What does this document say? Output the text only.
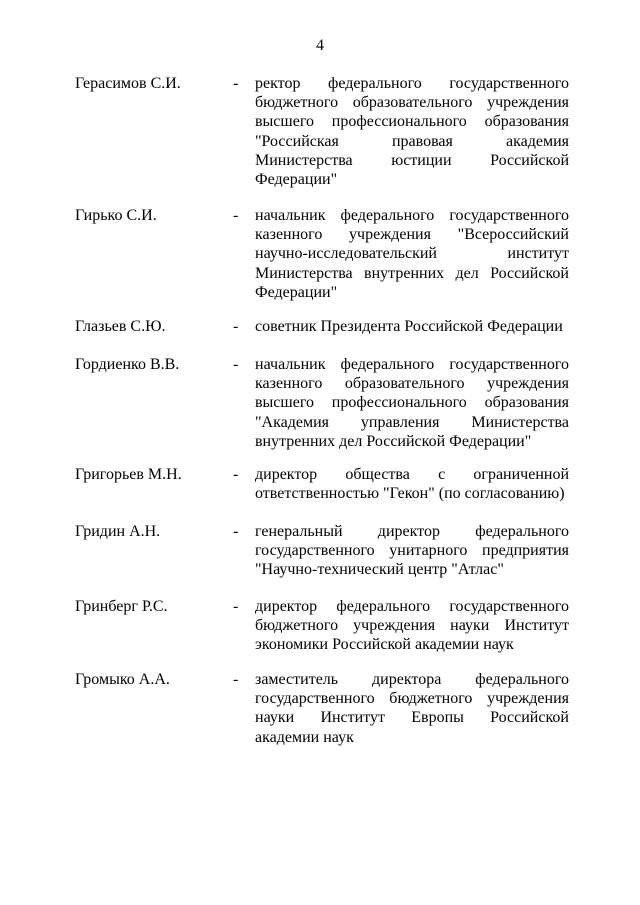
4
Герасимов С.И.	- ректор федерального государственного
бюджетного образовательного учреждения
высшего профессионального образования
"Российская правовая академия
Министерства юстиции Российской
Федерации"
Гирько С.И.	- начальник федерального государственного
казенного учреждения "Всероссийский
научно-исследовательский институт
Министерства внутренних дел Российской
Федерации"
Глазьев С.Ю.	- советник Президента Российской Федерации
Гордиенко В.В.	- начальник федерального государственного
казенного образовательного учреждения
высшего профессионального образования
"Академия управления Министерства
внутренних дел Российской Федерации"
Григорьев М.Н.	- директор общества с ограниченной
ответственностью "Гекон" (по согласованию)
Гридин А.Н.	- генеральный директор федерального
государственного унитарного предприятия
"Научно-технический центр "Атлас"
Гринберг Р.С.	- директор федерального государственного
бюджетного учреждения науки Институт
экономики Российской академии наук
Громыко А.А.	- заместитель директора федерального
государственного бюджетного учреждения
науки Институт Европы Российской
академии наук
